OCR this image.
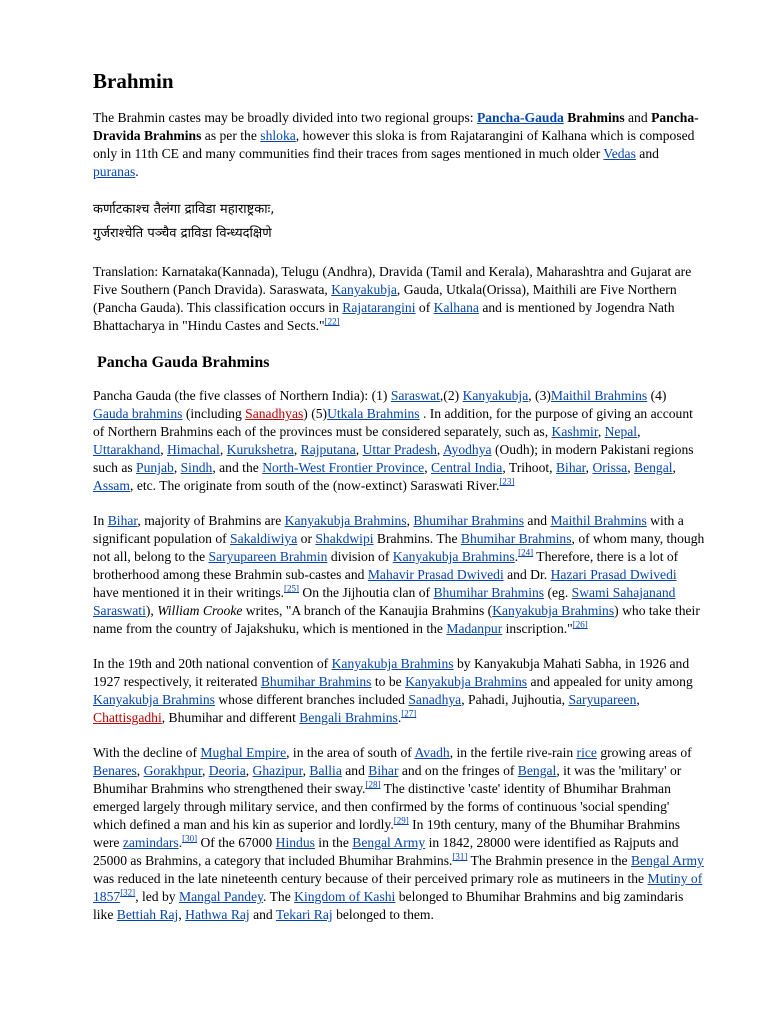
Brahmin

The Brahmin castes may be broadly divided into two regional groups: Pancha-Gauda Brahmins and Pancha-Dravida Brahmins as per the shloka, however this sloka is from Rajatarangini of Kalhana which is composed only in 11th CE and many communities find their traces from sages mentioned in much older Vedas and puranas.

कर्णाटकाश्च तैलंगा द्राविडा महाराष्ट्रकाः,
गुर्जराश्चेति पञ्चैव द्राविडा विन्ध्यदक्षिणे

Translation: Karnataka(Kannada), Telugu (Andhra), Dravida (Tamil and Kerala), Maharashtra and Gujarat are Five Southern (Panch Dravida). Saraswata, Kanyakubja, Gauda, Utkala(Orissa), Maithili are Five Northern (Pancha Gauda). This classification occurs in Rajatarangini of Kalhana and is mentioned by Jogendra Nath Bhattacharya in "Hindu Castes and Sects."[22]

Pancha Gauda Brahmins

Pancha Gauda (the five classes of Northern India): (1) Saraswat,(2) Kanyakubja, (3)Maithil Brahmins (4) Gauda brahmins (including Sanadhyas) (5)Utkala Brahmins . In addition, for the purpose of giving an account of Northern Brahmins each of the provinces must be considered separately, such as, Kashmir, Nepal, Uttarakhand, Himachal, Kurukshetra, Rajputana, Uttar Pradesh, Ayodhya (Oudh); in modern Pakistani regions such as Punjab, Sindh, and the North-West Frontier Province, Central India, Trihoot, Bihar, Orissa, Bengal, Assam, etc. The originate from south of the (now-extinct) Saraswati River.[23]

In Bihar, majority of Brahmins are Kanyakubja Brahmins, Bhumihar Brahmins and Maithil Brahmins with a significant population of Sakaldiwiya or Shakdwipi Brahmins. The Bhumihar Brahmins, of whom many, though not all, belong to the Saryupareen Brahmin division of Kanyakubja Brahmins.[24] Therefore, there is a lot of brotherhood among these Brahmin sub-castes and Mahavir Prasad Dwivedi and Dr. Hazari Prasad Dwivedi have mentioned it in their writings.[25] On the Jijhoutia clan of Bhumihar Brahmins (eg. Swami Sahajanand Saraswati), William Crooke writes, "A branch of the Kanaujia Brahmins (Kanyakubja Brahmins) who take their name from the country of Jajakshuku, which is mentioned in the Madanpur inscription."[26]

In the 19th and 20th national convention of Kanyakubja Brahmins by Kanyakubja Mahati Sabha, in 1926 and 1927 respectively, it reiterated Bhumihar Brahmins to be Kanyakubja Brahmins and appealed for unity among Kanyakubja Brahmins whose different branches included Sanadhya, Pahadi, Jujhoutia, Saryupareen, Chattisgadhi, Bhumihar and different Bengali Brahmins.[27]

With the decline of Mughal Empire, in the area of south of Avadh, in the fertile rive-rain rice growing areas of Benares, Gorakhpur, Deoria, Ghazipur, Ballia and Bihar and on the fringes of Bengal, it was the 'military' or Bhumihar Brahmins who strengthened their sway.[28] The distinctive 'caste' identity of Bhumihar Brahman emerged largely through military service, and then confirmed by the forms of continuous 'social spending' which defined a man and his kin as superior and lordly.[29] In 19th century, many of the Bhumihar Brahmins were zamindars.[30] Of the 67000 Hindus in the Bengal Army in 1842, 28000 were identified as Rajputs and 25000 as Brahmins, a category that included Bhumihar Brahmins.[31] The Brahmin presence in the Bengal Army was reduced in the late nineteenth century because of their perceived primary role as mutineers in the Mutiny of 1857[32], led by Mangal Pandey. The Kingdom of Kashi belonged to Bhumihar Brahmins and big zamindaris like Bettiah Raj, Hathwa Raj and Tekari Raj belonged to them.
